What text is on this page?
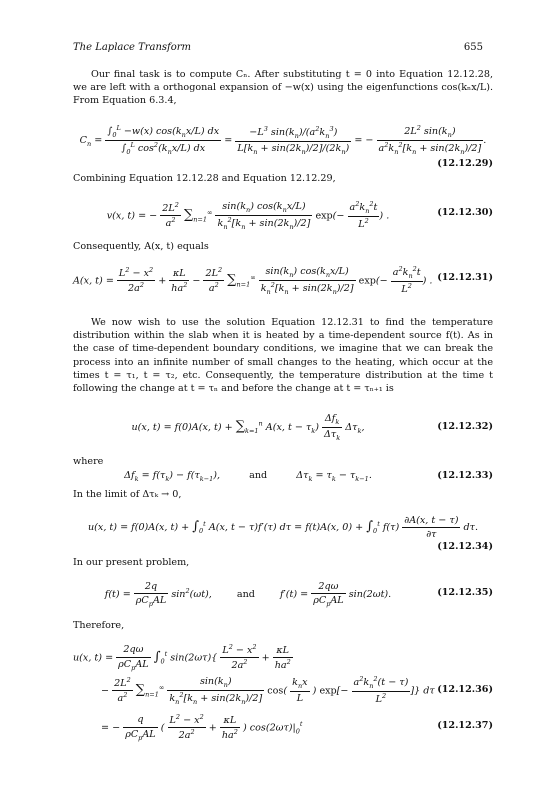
The Laplace Transform	655
Our final task is to compute Cₙ. After substituting t = 0 into Equation 12.12.28, we are left with a orthogonal expansion of −w(x) using the eigenfunctions cos(kₙx/L). From Equation 6.3.4,
$C_n = \frac{\int_0^L -w(x) \cos(k_nx/L) dx}{\int_0^L \cos^2(k_nx/L) dx} = \frac{-L^3 \sin(k_n)/(a^2k_n^3)}{L[k_n + \sin(2k_n)/2]/(2k_n)}$ = − $\frac{2L^2 \sin(k_n)}{a^2k_n^2[k_n + \sin(2k_n)/2]}$ .
(12.12.29)
Combining Equation 12.12.28 and Equation 12.12.29,
v(x, t) = − $\frac{2L^2}{a^2} \sum_{n=1}^\infty \frac{\sin(k_n) \cos(k_nx/L)}{k_n^2[k_n + \sin(2k_n)/2]} \exp(- \frac{a^2k_n^2t}{L^2}$ ) .	(12.12.30)
Consequently, A(x, t) equals
A(x, $t) = \frac{L^2 - x^2}{2a^2} + \frac{\kappa L}{ha^2} - \frac{2L^2}{a^2} \sum_{n=1}^\infty \frac{\sin(k_n) \cos(k_nx/L)}{k_n^2[k_n + \sin(2k_n)/2]} \exp(- \frac{a^2k_n^2t}{L^2}$ ) . (12.12.31)
We now wish to use the solution Equation 12.12.31 to find the temperature distribution within the slab when it is heated by a time-dependent source f(t). As in the case of time-dependent boundary conditions, we imagine that we can break the process into an infinite number of small changes to the heating, which occur at the times t = τ₁, t = τ₂, etc. Consequently, the temperature distribution at the time t following the change at t = τₙ and before the change at t = τₙ₊₁ is
u(x, t) = f(0)A(x, $t) + \sum_{k=1}^n$ A(x, $t - \tau_k) \frac{\Delta f_k}{\Delta\tau_k} \Delta\tau_k$,	(12.12.32)
where
$\Delta f_k = f(\tau_k) - f(\tau_{k-1})$,	and	$\Delta\tau_k = \tau_k - \tau_{k-1}$.	(12.12.33)
In the limit of Δτₖ → 0,
u(x, t) = f(0)A(x, $t) + \int_0^t$ A(x, t − τ)f′(τ) dτ = f(t)A(x, $0) + \int_0^t$ $f(\tau) \frac{\partial A(x, t - \tau)}{\partial\tau} d\tau$.
(12.12.34)
In our present problem,
$f(t) = \frac{2q}{\rho C_pAL} \sin^2(\omega t)$, and $f'(t) = \frac{2q\omega}{\rho C_pAL} \sin(2\omega t)$.	(12.12.35)
Therefore,
u(x, $t) = \frac{2q\omega}{\rho C_pAL} \int_0^t$ $\sin(2\omega\tau)\{ \frac{L^2 - x^2}{2a^2} + \frac{\kappa L}{ha^2}$
− $\frac{2L^2}{a^2} \sum_{n=1}^\infty \frac{\sin(k_n)}{k_n^2[k_n + \sin(2k_n)/2]} \cos( \frac{k_nx}{L}$ ) $\exp[- \frac{a^2k_n^2(t - \tau)}{L^2}$ ]} dτ (12.12.36)
= − $\frac{q}{\rho C_pAL}$ ( $\frac{L^2 - x^2}{2a^2} + \frac{\kappa L}{ha^2}$ ) $\cos(2\omega\tau)|_0^t$	(12.12.37)
